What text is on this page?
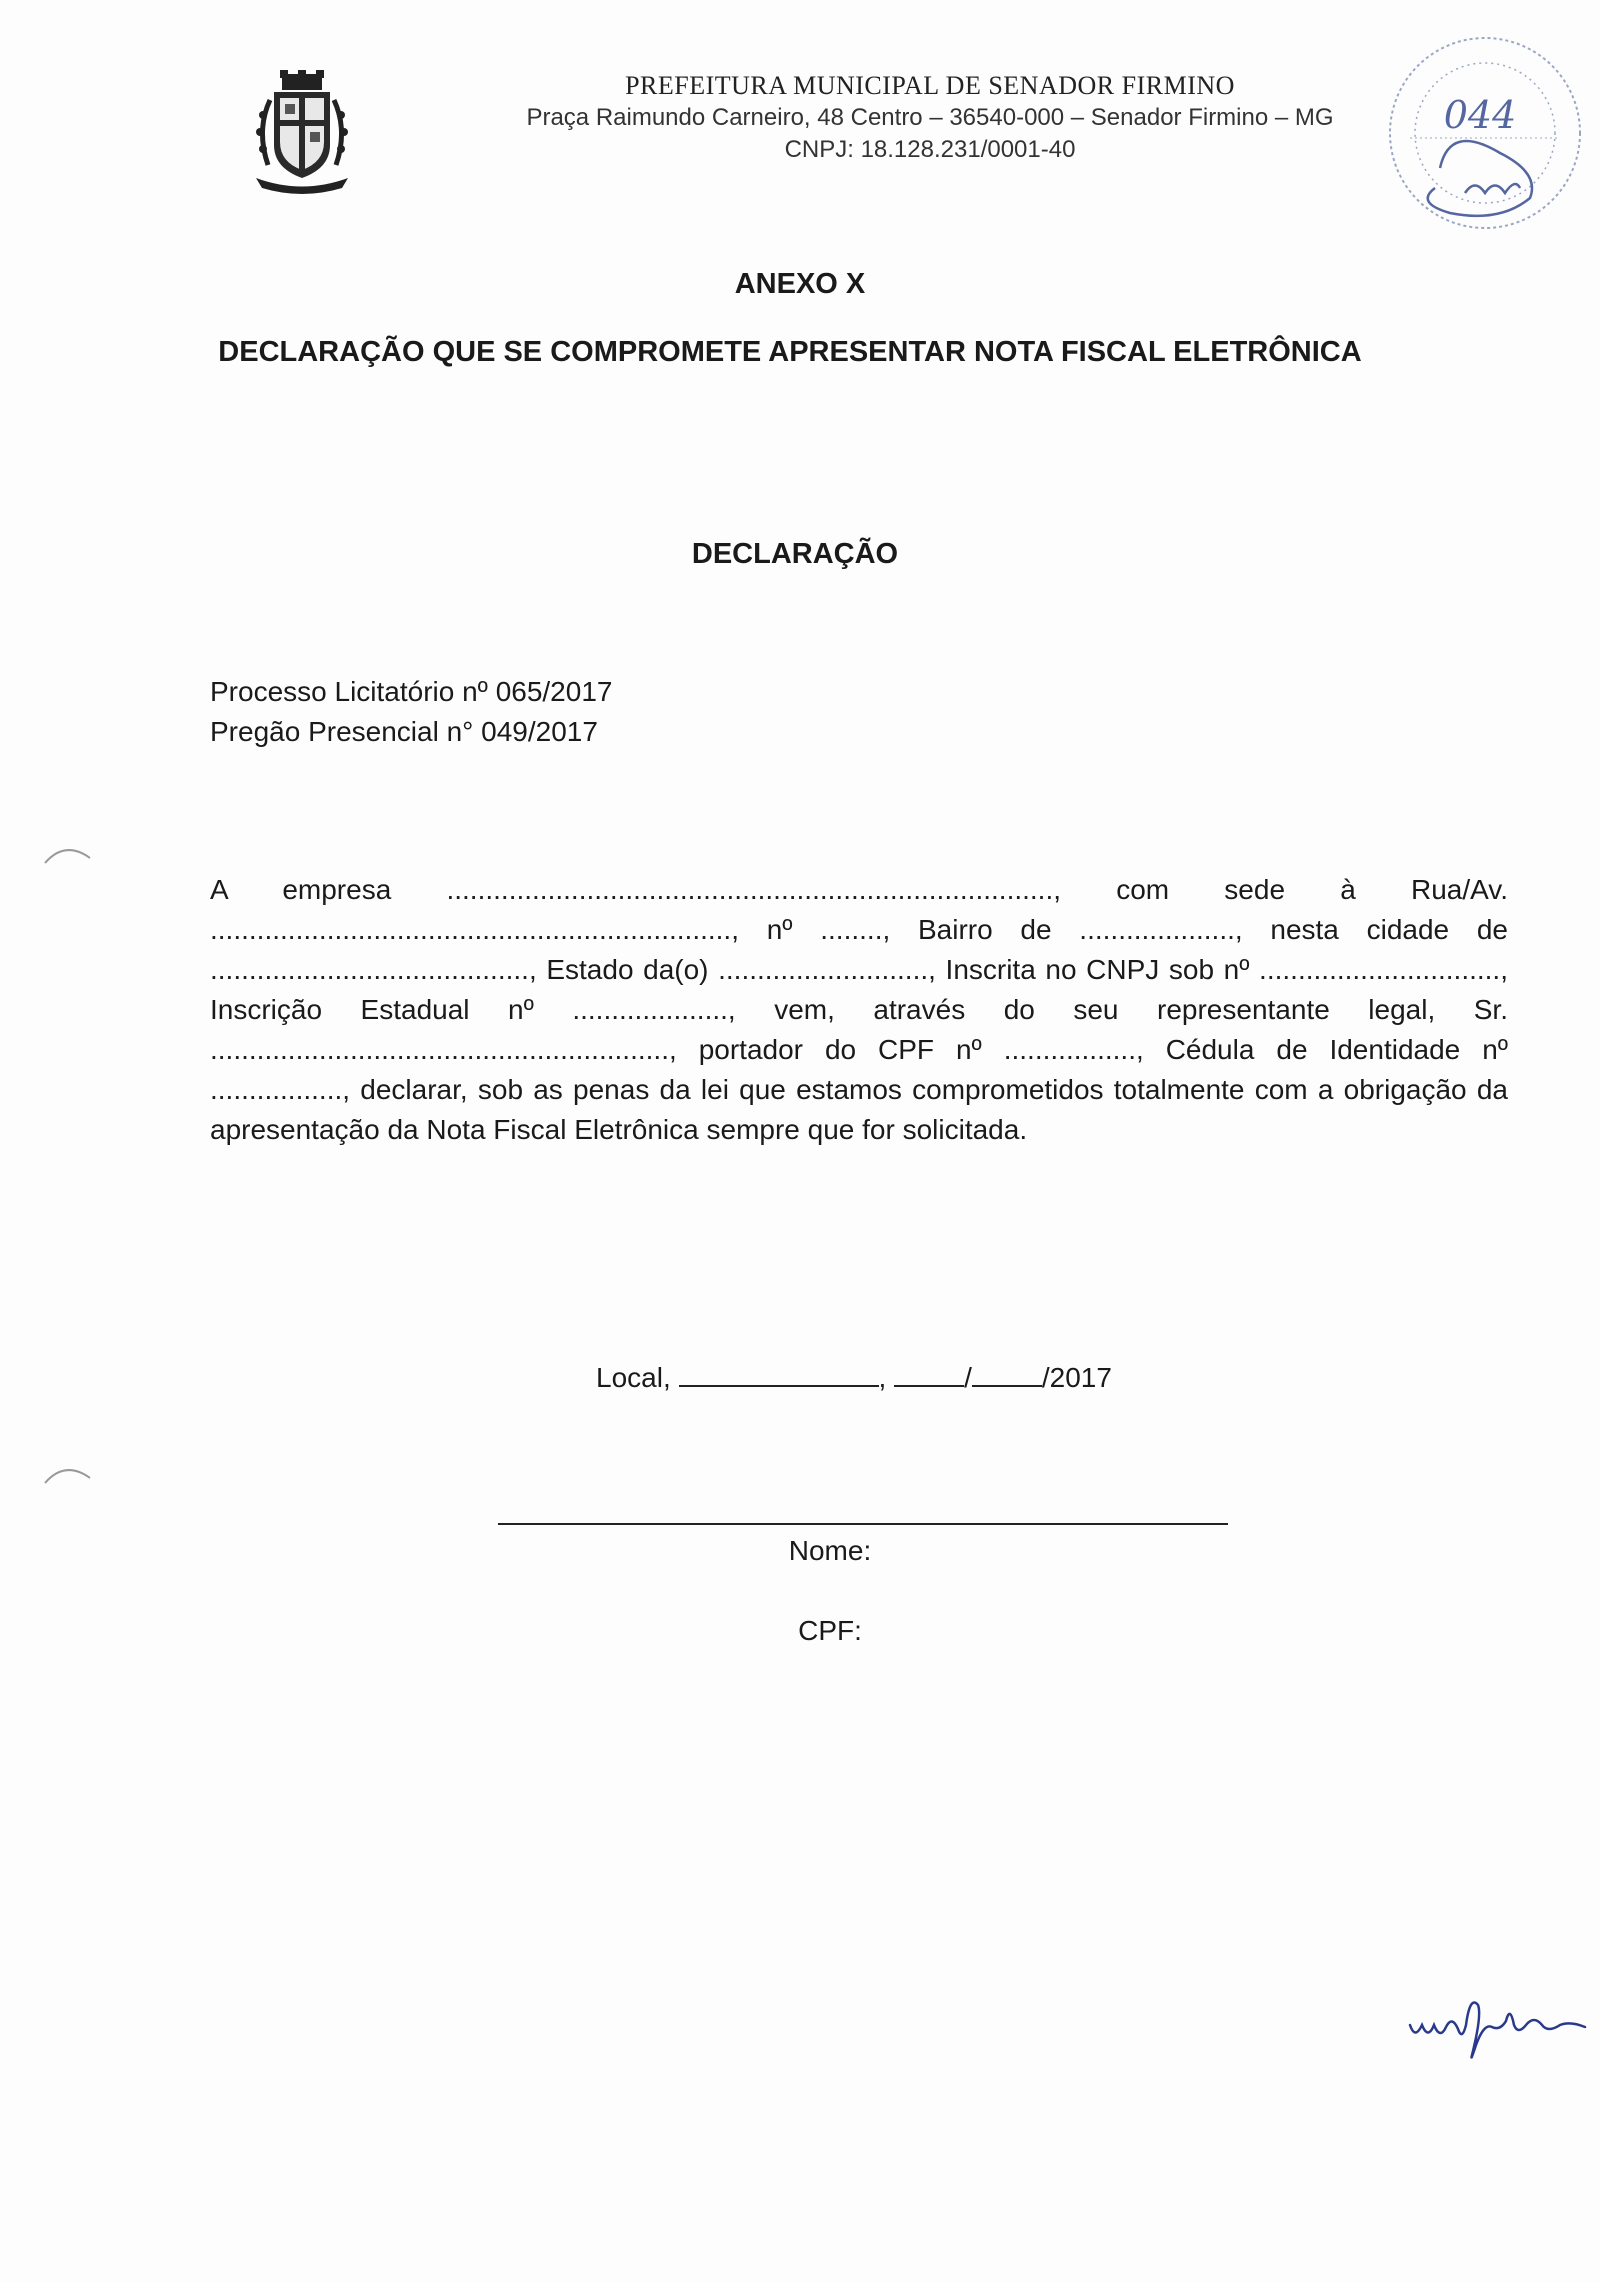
PREFEITURA MUNICIPAL DE SENADOR FIRMINO
Praça Raimundo Carneiro, 48 Centro – 36540-000 – Senador Firmino – MG
CNPJ: 18.128.231/0001-40
044
ANEXO X
DECLARAÇÃO QUE SE COMPROMETE APRESENTAR NOTA FISCAL ELETRÔNICA
DECLARAÇÃO
Processo Licitatório nº 065/2017
Pregão Presencial n° 049/2017
A empresa .............................................................................., com sede à Rua/Av. ..................................................................., nº ........, Bairro de ...................., nesta cidade de ........................................., Estado da(o) ..........................., Inscrita no CNPJ sob nº ..............................., Inscrição Estadual nº ...................., vem, através do seu representante legal, Sr. ..........................................................., portador do CPF nº ................., Cédula de Identidade nº ................., declarar, sob as penas da lei que estamos comprometidos totalmente com a obrigação da apresentação da Nota Fiscal Eletrônica sempre que for solicitada.
Local,	,	/	/2017
Nome:
CPF:
